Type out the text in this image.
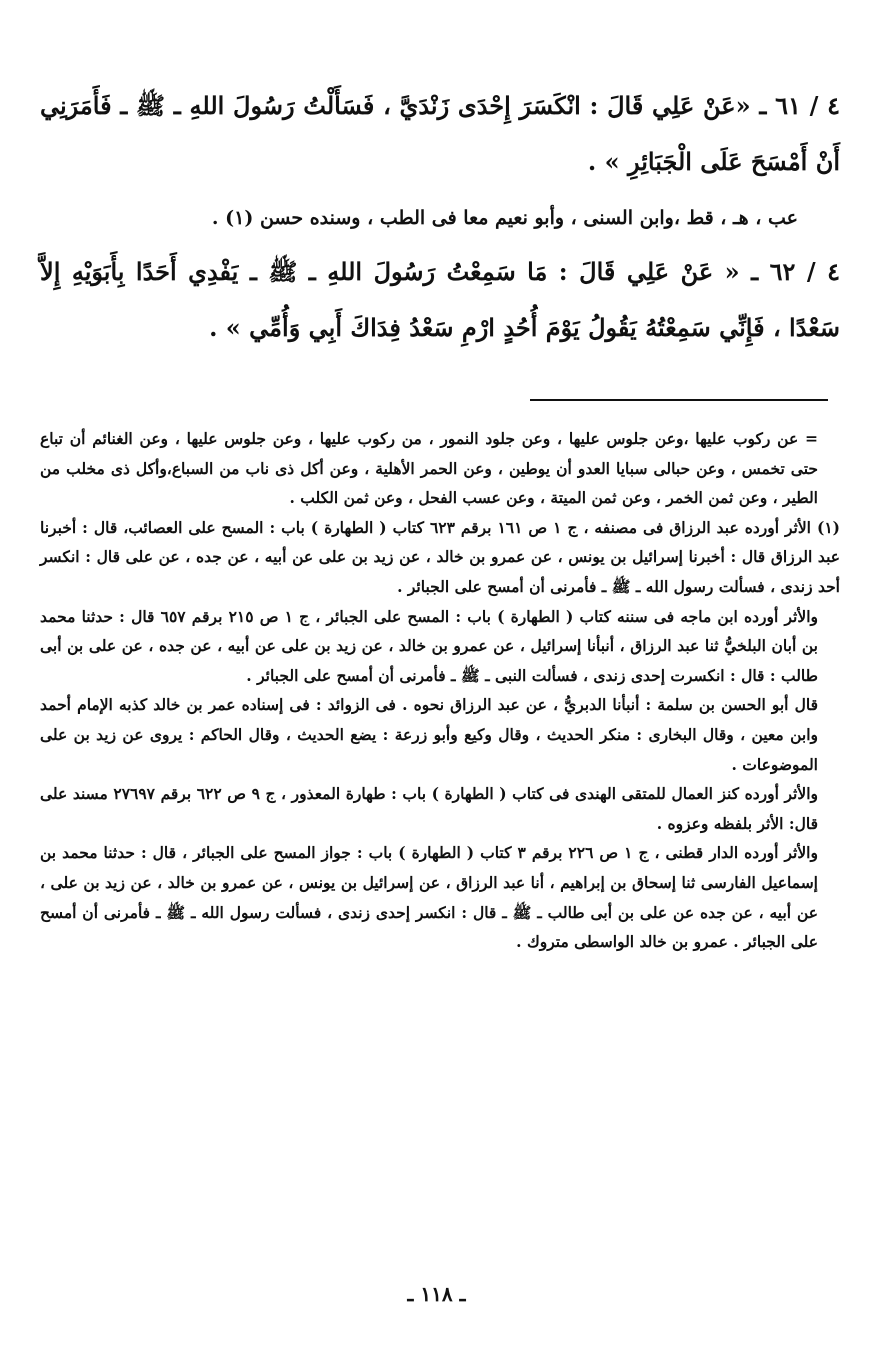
٤ / ٦١ ـ «عَنْ عَلِي قَالَ : انْكَسَرَ إِحْدَى زَنْدَيَّ ، فَسَأَلْتُ رَسُولَ اللهِ ـ ﷺ ـ فَأَمَرَنِي أَنْ أَمْسَحَ عَلَى الْجَبَائِرِ » .

عب ، هـ ، قط ،وابن السنى ، وأبو نعيم معا فى الطب ، وسنده حسن (١) .

٤ / ٦٢ ـ « عَنْ عَلِي قَالَ : مَا سَمِعْتُ رَسُولَ اللهِ ـ ﷺ ـ يَفْدِي أَحَدًا بِأَبَوَيْهِ إِلاَّ سَعْدًا ، فَإِنِّي سَمِعْتُهُ يَقُولُ يَوْمَ أُحُدٍ ارْمِ سَعْدُ فِدَاكَ أَبِي وَأُمِّي » .

= عن ركوب عليها ،وعن جلوس عليها ، وعن جلود النمور ، من ركوب عليها ، وعن جلوس عليها ، وعن الغنائم أن تباع حتى تخمس ، وعن حبالى سبايا العدو أن يوطين ، وعن الحمر الأهلية ، وعن أكل ذى ناب من السباع،وأكل ذى مخلب من الطير ، وعن ثمن الخمر ، وعن ثمن الميتة ، وعن عسب الفحل ، وعن ثمن الكلب .

(١) الأثر أورده عبد الرزاق فى مصنفه ، ج ١ ص ١٦١ برقم ٦٢٣ كتاب ( الطهارة ) باب : المسح على العصائب، قال : أخبرنا عبد الرزاق قال : أخبرنا إسرائيل بن يونس ، عن عمرو بن خالد ، عن زيد بن على عن أبيه ، عن جده ، عن على قال : انكسر أحد زندى ، فسألت رسول الله ـ ﷺ ـ فأمرنى أن أمسح على الجبائر .

والأثر أورده ابن ماجه فى سننه كتاب ( الطهارة ) باب : المسح على الجبائر ، ج ١ ص ٢١٥ برقم ٦٥٧ قال : حدثنا محمد بن أبان البلخيُّ ثنا عبد الرزاق ، أنبأنا إسرائيل ، عن عمرو بن خالد ، عن زيد بن على عن أبيه ، عن جده ، عن على بن أبى طالب : قال : انكسرت إحدى زندى ، فسألت النبى ـ ﷺ ـ فأمرنى أن أمسح على الجبائر .

قال أبو الحسن بن سلمة : أنبأنا الدبريُّ ، عن عبد الرزاق نحوه . فى الزوائد : فى إسناده عمر بن خالد كذبه الإمام أحمد وابن معين ، وقال البخارى : منكر الحديث ، وقال وكيع وأبو زرعة : يضع الحديث ، وقال الحاكم : يروى عن زيد بن على الموضوعات .

والأثر أورده كنز العمال للمتقى الهندى فى كتاب ( الطهارة ) باب : طهارة المعذور ، ج ٩ ص ٦٢٢ برقم ٢٧٦٩٧ مسند على قال: الأثر بلفظه وعزوه .

والأثر أورده الدار قطنى ، ج ١ ص ٢٢٦ برقم ٣ كتاب ( الطهارة ) باب : جواز المسح على الجبائر ، قال : حدثنا محمد بن إسماعيل الفارسى ثنا إسحاق بن إبراهيم ، أنا عبد الرزاق ، عن إسرائيل بن يونس ، عن عمرو بن خالد ، عن زيد بن على ، عن أبيه ، عن جده عن على بن أبى طالب ـ ﷺ ـ قال : انكسر إحدى زندى ، فسألت رسول الله ـ ﷺ ـ فأمرنى أن أمسح على الجبائر . عمرو بن خالد الواسطى متروك .

ـ ١١٨ ـ
